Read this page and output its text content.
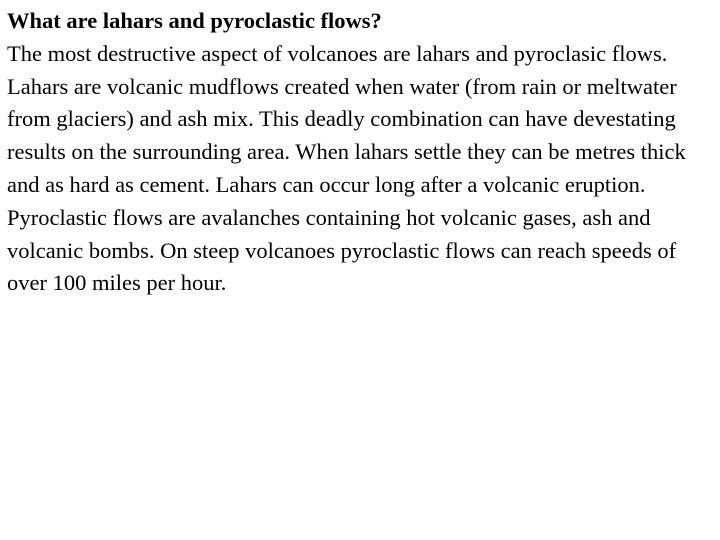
What are lahars and pyroclastic flows?

The most destructive aspect of volcanoes are lahars and pyroclasic flows. Lahars are volcanic mudflows created when water (from rain or meltwater from glaciers) and ash mix. This deadly combination can have devestating results on the surrounding area. When lahars settle they can be metres thick and as hard as cement. Lahars can occur long after a volcanic eruption.

Pyroclastic flows are avalanches containing hot volcanic gases, ash and volcanic bombs. On steep volcanoes pyroclastic flows can reach speeds of over 100 miles per hour.
